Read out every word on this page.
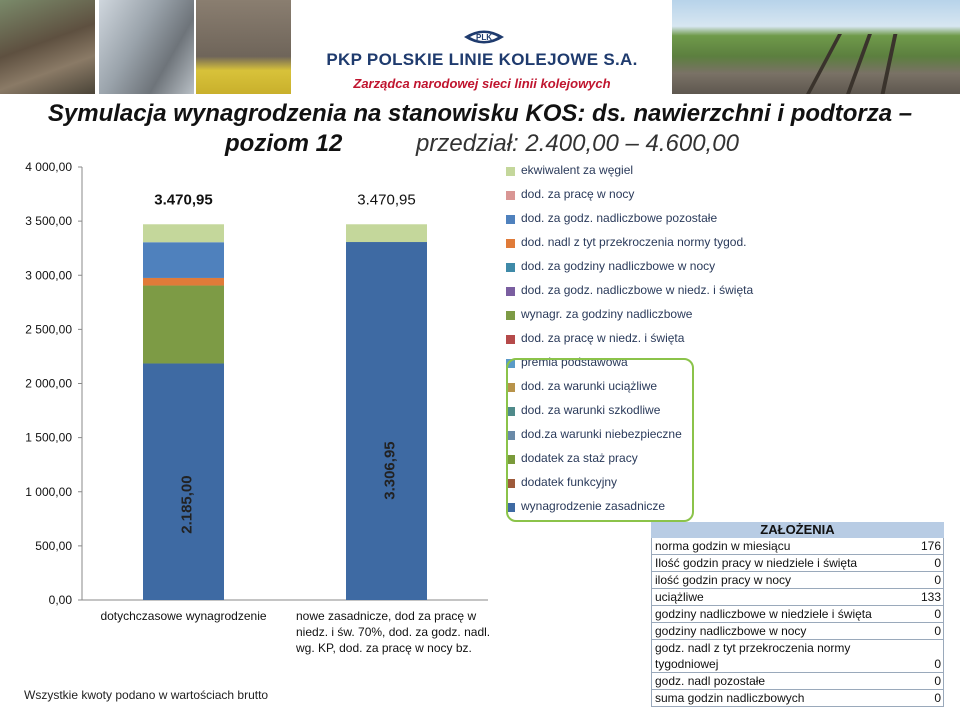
PLK
PKP POLSKIE LINIE KOLEJOWE S.A.
Zarządca narodowej sieci linii kolejowych
Symulacja wynagrodzenia na stanowisku KOS: ds. nawierzchni i podtorza –
poziom 12	przedział: 2.400,00 – 4.600,00
0,00
500,00
1 000,00
1 500,00
2 000,00
2 500,00
3 000,00
3 500,00
4 000,00
3.470,95
2.185,00
dotychczasowe wynagrodzenie
3.470,95
3.306,95
nowe zasadnicze, dod za pracę w
niedz. i św. 70%, dod. za godz. nadl.
wg. KP, dod. za pracę w nocy bz.
ekwiwalent za węgiel
dod. za pracę w nocy
dod. za godz. nadliczbowe pozostałe
dod. nadl z tyt przekroczenia normy tygod.
dod. za godziny nadliczbowe w nocy
dod. za godz. nadliczbowe w niedz. i święta
wynagr. za godziny nadliczbowe
dod. za pracę w niedz. i święta
premia podstawowa
dod. za warunki uciążliwe
dod. za warunki szkodliwe
dod.za warunki niebezpieczne
dodatek za staż pracy
dodatek funkcyjny
wynagrodzenie zasadnicze
Wszystkie kwoty podano w wartościach brutto
ZAŁOŻENIA
norma godzin w miesiącu	176
Ilość godzin pracy w niedziele i święta	0
ilość godzin pracy w nocy	0
uciążliwe	133
godziny nadliczbowe w niedziele i święta	0
godziny nadliczbowe w nocy	0
godz. nadl z tyt przekroczenia normy tygodniowej	0
godz. nadl pozostałe	0
suma godzin nadliczbowych	0
